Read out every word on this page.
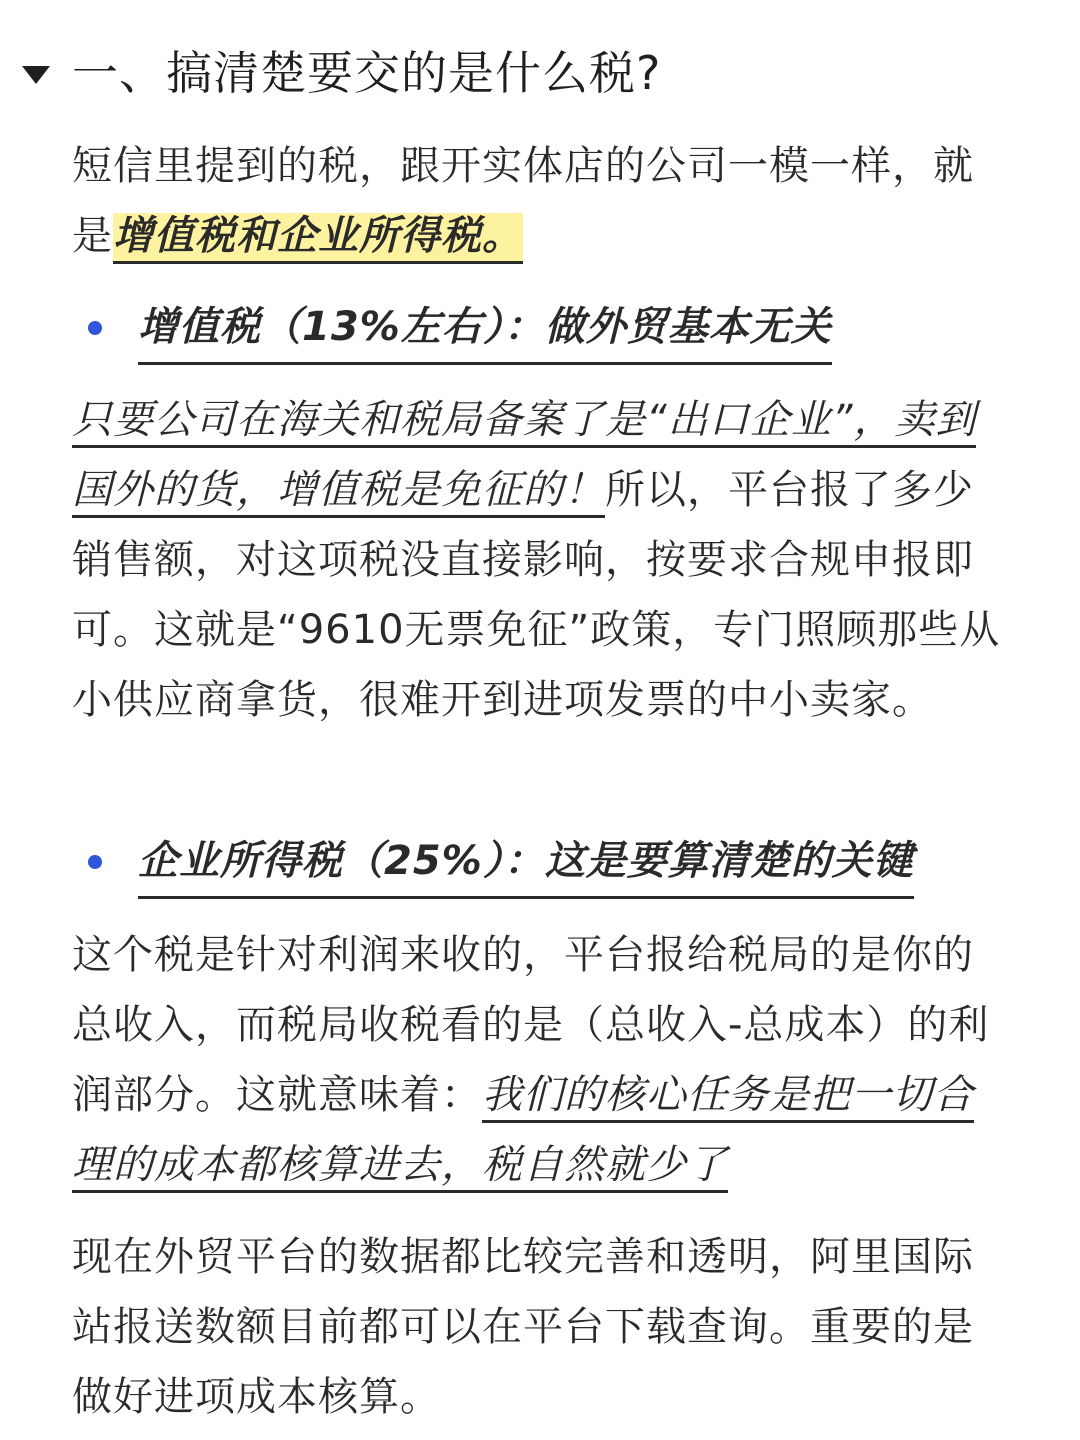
一、搞清楚要交的是什么税?
短信里提到的税，跟开实体店的公司一模一样，就是增值税和企业所得税。
增值税（13%左右）：做外贸基本无关
只要公司在海关和税局备案了是“出口企业”，卖到国外的货，增值税是免征的！所以，平台报了多少销售额，对这项税没直接影响，按要求合规申报即可。这就是“9610无票免征”政策，专门照顾那些从小供应商拿货，很难开到进项发票的中小卖家。
企业所得税（25%）：这是要算清楚的关键
这个税是针对利润来收的，平台报给税局的是你的总收入，而税局收税看的是（总收入-总成本）的利润部分。这就意味着：我们的核心任务是把一切合理的成本都核算进去，税自然就少了
现在外贸平台的数据都比较完善和透明，阿里国际站报送数额目前都可以在平台下载查询。重要的是做好进项成本核算。
